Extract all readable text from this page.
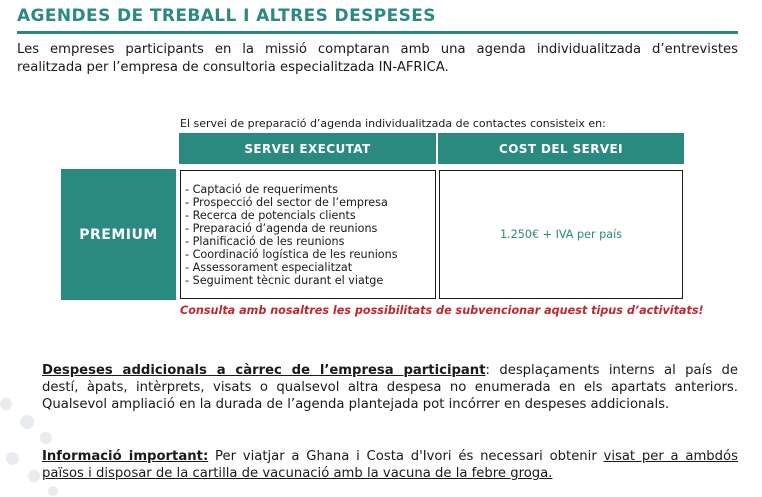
AGENDES DE TREBALL I ALTRES DESPESES
Les empreses participants en la missió comptaran amb una agenda individualitzada d’entrevistes
realitzada per l’empresa de consultoria especialitzada IN-AFRICA.
El servei de preparació d’agenda individualitzada de contactes consisteix en:
SERVEI EXECUTAT	COST DEL SERVEI
PREMIUM
- Captació de requeriments
- Prospecció del sector de l’empresa
- Recerca de potencials clients
- Preparació d’agenda de reunions
- Planificació de les reunions
- Coordinació logística de les reunions
- Assessorament especialitzat
- Seguiment tècnic durant el viatge
1.250€ + IVA per país
Consulta amb nosaltres les possibilitats de subvencionar aquest tipus d’activitats!
Despeses addicionals a càrrec de l’empresa participant: desplaçaments interns al país de
destí, àpats, intèrprets, visats o qualsevol altra despesa no enumerada en els apartats anteriors.
Qualsevol ampliació en la durada de l’agenda plantejada pot incórrer en despeses addicionals.
Informació important: Per viatjar a Ghana i Costa d'Ivori és necessari obtenir visat per a ambdós
països i disposar de la cartilla de vacunació amb la vacuna de la febre groga.
